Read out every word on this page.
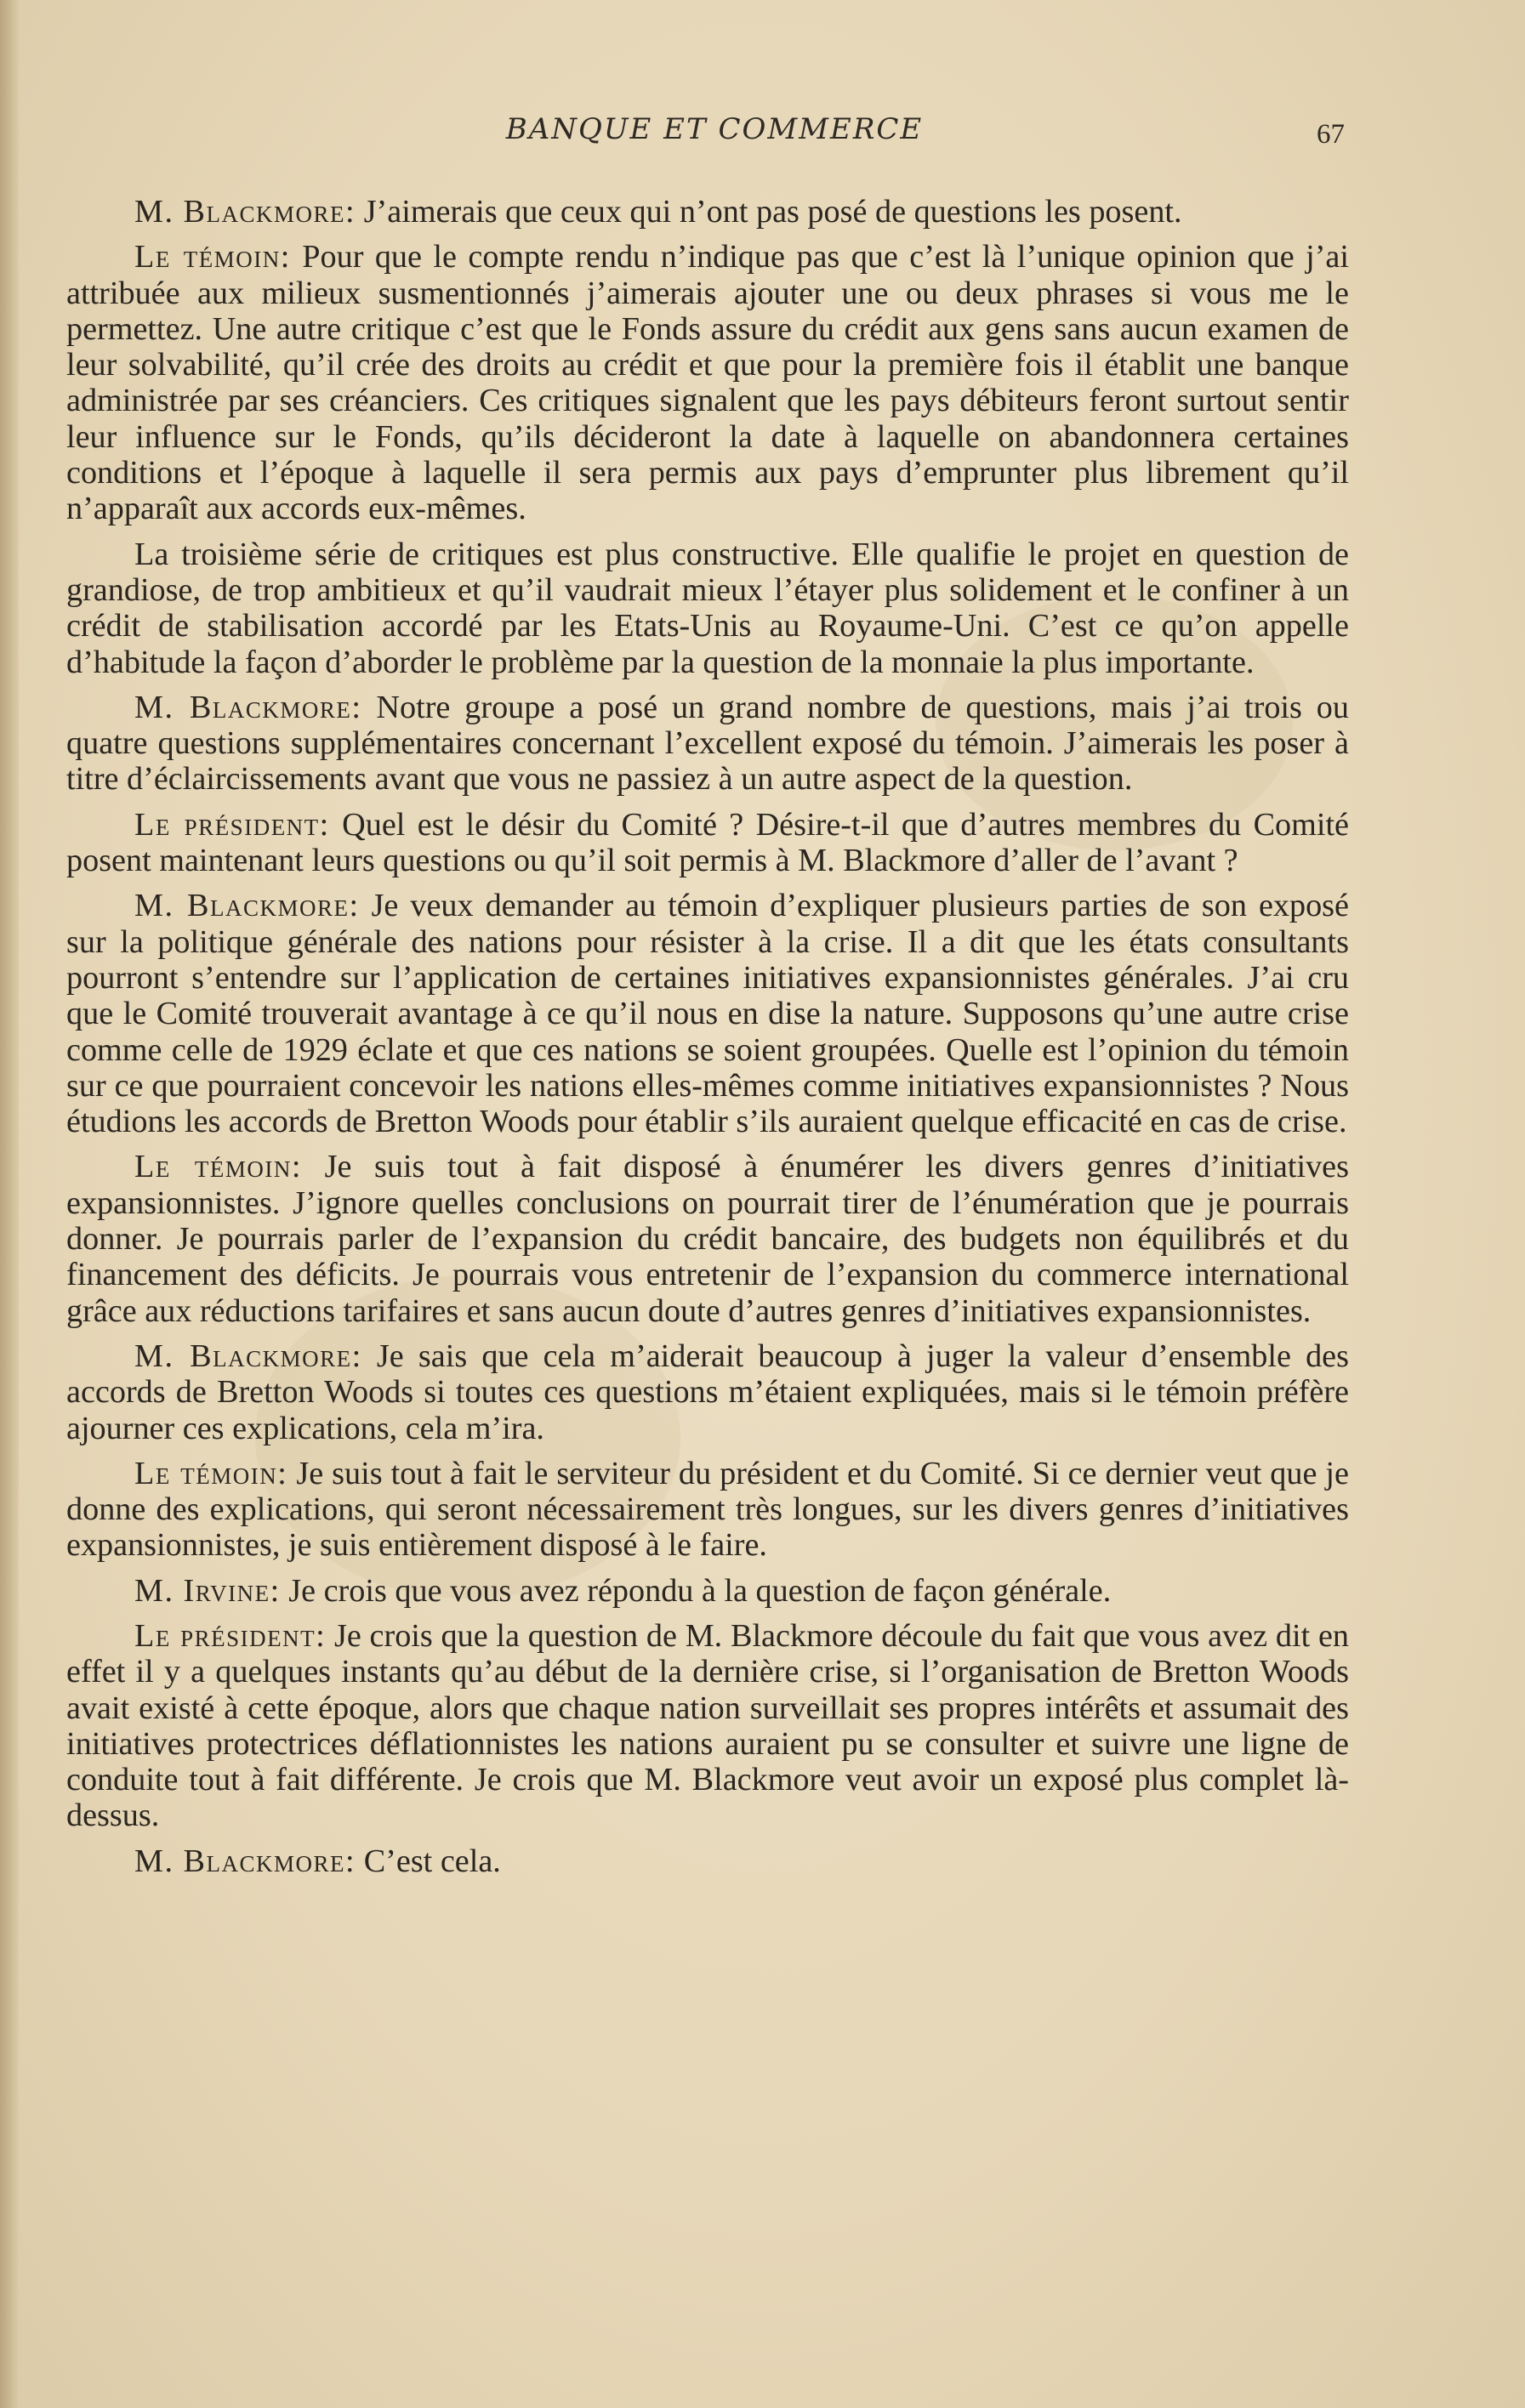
BANQUE ET COMMERCE	67

M. Blackmore: J’aimerais que ceux qui n’ont pas posé de questions les posent.

Le témoin: Pour que le compte rendu n’indique pas que c’est là l’unique opinion que j’ai attribuée aux milieux susmentionnés j’aimerais ajouter une ou deux phrases si vous me le permettez. Une autre critique c’est que le Fonds assure du crédit aux gens sans aucun examen de leur solvabilité, qu’il crée des droits au crédit et que pour la première fois il établit une banque administrée par ses créanciers. Ces critiques signalent que les pays débiteurs feront surtout sentir leur influence sur le Fonds, qu’ils décideront la date à laquelle on abandonnera certaines conditions et l’époque à laquelle il sera permis aux pays d’emprunter plus librement qu’il n’apparaît aux accords eux-mêmes.

La troisième série de critiques est plus constructive. Elle qualifie le projet en question de grandiose, de trop ambitieux et qu’il vaudrait mieux l’étayer plus solidement et le confiner à un crédit de stabilisation accordé par les Etats-Unis au Royaume-Uni. C’est ce qu’on appelle d’habitude la façon d’aborder le problème par la question de la monnaie la plus importante.

M. Blackmore: Notre groupe a posé un grand nombre de questions, mais j’ai trois ou quatre questions supplémentaires concernant l’excellent exposé du témoin. J’aimerais les poser à titre d’éclaircissements avant que vous ne passiez à un autre aspect de la question.

Le président: Quel est le désir du Comité ? Désire-t-il que d’autres membres du Comité posent maintenant leurs questions ou qu’il soit permis à M. Blackmore d’aller de l’avant ?

M. Blackmore: Je veux demander au témoin d’expliquer plusieurs parties de son exposé sur la politique générale des nations pour résister à la crise. Il a dit que les états consultants pourront s’entendre sur l’application de certaines initiatives expansionnistes générales. J’ai cru que le Comité trouverait avantage à ce qu’il nous en dise la nature. Supposons qu’une autre crise comme celle de 1929 éclate et que ces nations se soient groupées. Quelle est l’opinion du témoin sur ce que pourraient concevoir les nations elles-mêmes comme initiatives expansionnistes ? Nous étudions les accords de Bretton Woods pour établir s’ils auraient quelque efficacité en cas de crise.

Le témoin: Je suis tout à fait disposé à énumérer les divers genres d’initiatives expansionnistes. J’ignore quelles conclusions on pourrait tirer de l’énumération que je pourrais donner. Je pourrais parler de l’expansion du crédit bancaire, des budgets non équilibrés et du financement des déficits. Je pourrais vous entretenir de l’expansion du commerce international grâce aux réductions tarifaires et sans aucun doute d’autres genres d’initiatives expansionnistes.

M. Blackmore: Je sais que cela m’aiderait beaucoup à juger la valeur d’ensemble des accords de Bretton Woods si toutes ces questions m’étaient expliquées, mais si le témoin préfère ajourner ces explications, cela m’ira.

Le témoin: Je suis tout à fait le serviteur du président et du Comité. Si ce dernier veut que je donne des explications, qui seront nécessairement très longues, sur les divers genres d’initiatives expansionnistes, je suis entièrement disposé à le faire.

M. Irvine: Je crois que vous avez répondu à la question de façon générale.

Le président: Je crois que la question de M. Blackmore découle du fait que vous avez dit en effet il y a quelques instants qu’au début de la dernière crise, si l’organisation de Bretton Woods avait existé à cette époque, alors que chaque nation surveillait ses propres intérêts et assumait des initiatives protectrices déflationnistes les nations auraient pu se consulter et suivre une ligne de conduite tout à fait différente. Je crois que M. Blackmore veut avoir un exposé plus complet là-dessus.

M. Blackmore: C’est cela.
